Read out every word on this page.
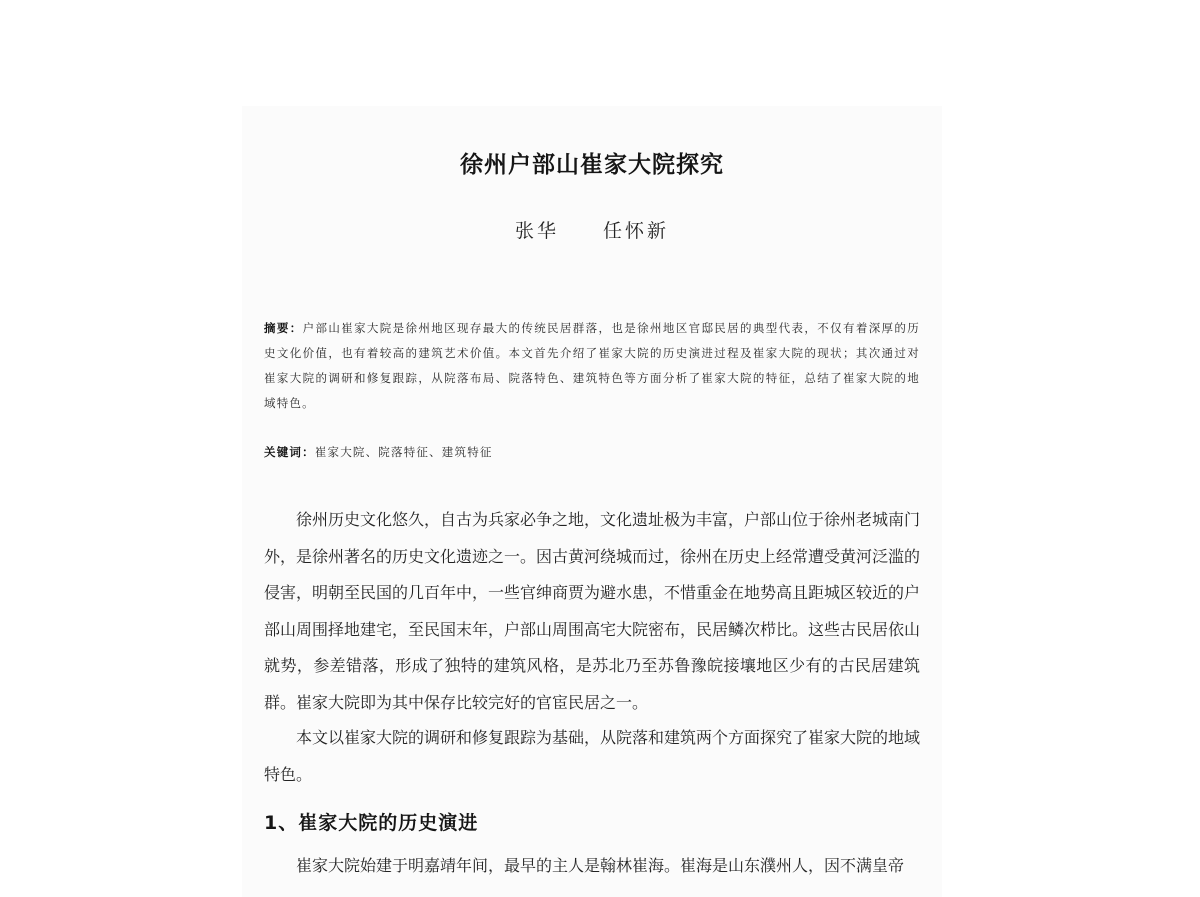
徐州户部山崔家大院探究
张华 任怀新

摘要：户部山崔家大院是徐州地区现存最大的传统民居群落，也是徐州地区官邸民居的典型代表，不仅有着深厚的历史文化价值，也有着较高的建筑艺术价值。本文首先介绍了崔家大院的历史演进过程及崔家大院的现状；其次通过对崔家大院的调研和修复跟踪，从院落布局、院落特色、建筑特色等方面分析了崔家大院的特征，总结了崔家大院的地域特色。

关键词：崔家大院、院落特征、建筑特征

徐州历史文化悠久，自古为兵家必争之地，文化遗址极为丰富，户部山位于徐州老城南门外，是徐州著名的历史文化遗迹之一。因古黄河绕城而过，徐州在历史上经常遭受黄河泛滥的侵害，明朝至民国的几百年中，一些官绅商贾为避水患，不惜重金在地势高且距城区较近的户部山周围择地建宅，至民国末年，户部山周围高宅大院密布，民居鳞次栉比。这些古民居依山就势，参差错落，形成了独特的建筑风格，是苏北乃至苏鲁豫皖接壤地区少有的古民居建筑群。崔家大院即为其中保存比较完好的官宦民居之一。

本文以崔家大院的调研和修复跟踪为基础，从院落和建筑两个方面探究了崔家大院的地域特色。

1、崔家大院的历史演进

崔家大院始建于明嘉靖年间，最早的主人是翰林崔海。崔海是山东濮州人，因不满皇帝
